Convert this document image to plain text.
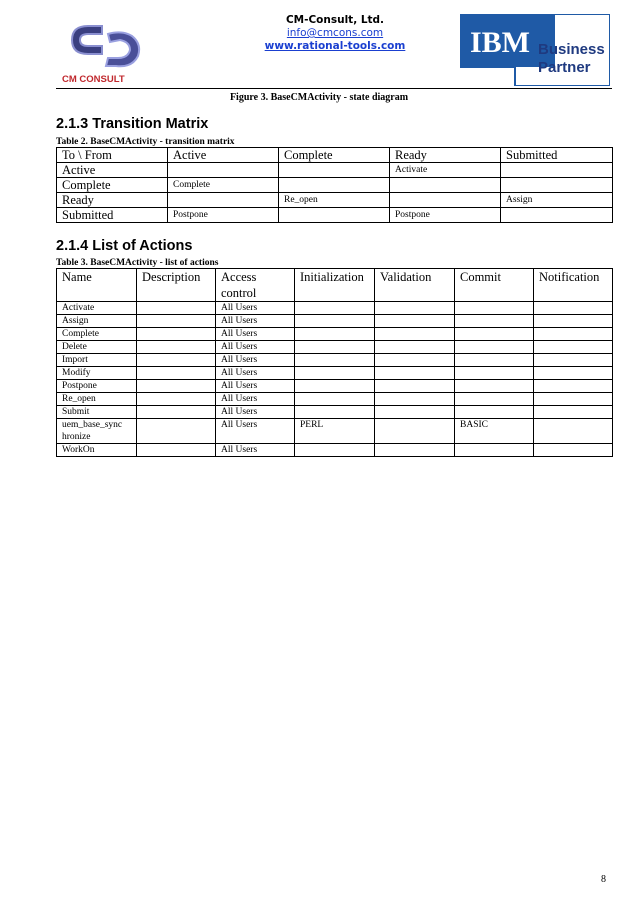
CM CONSULT
CM-Consult, Ltd.
info@cmcons.com
www.rational-tools.com	IBM Business
Partner
Figure 3. BaseCMActivity - state diagram
2.1.3 Transition Matrix

Table 2. BaseCMActivity - transition matrix

To \ From	Active	Complete	Ready	Submitted
Active			Activate	
Complete	Complete			
Ready		Re_open		Assign
Submitted	Postpone		Postpone	
2.1.4 List of Actions

Table 3. BaseCMActivity - list of actions

Name	Description	Access control	Initialization	Validation	Commit	Notification
Activate		All Users				
Assign		All Users				
Complete		All Users				
Delete		All Users				
Import		All Users				
Modify		All Users				
Postpone		All Users				
Re_open		All Users				
Submit		All Users				
uem_base_sync hronize		All Users	PERL		BASIC	
WorkOn		All Users				
8
